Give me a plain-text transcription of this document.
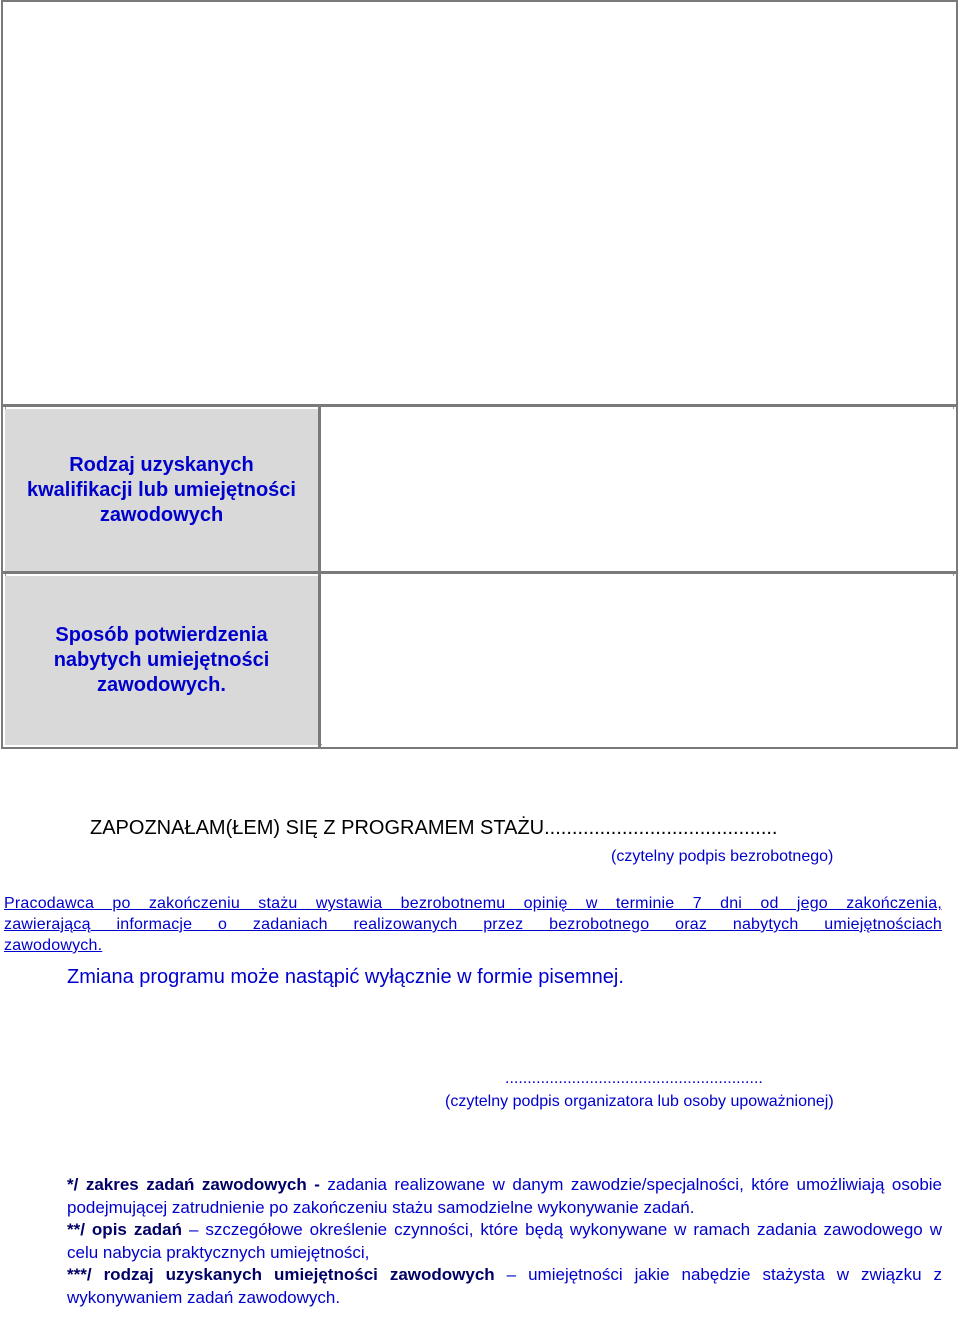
Rodzaj uzyskanych kwalifikacji lub umiejętności zawodowych
Sposób potwierdzenia nabytych umiejętności zawodowych.
ZAPOZNAŁAM(ŁEM) SIĘ Z PROGRAMEM STAŻU..........................................
(czytelny podpis bezrobotnego)
Pracodawca po zakończeniu stażu wystawia bezrobotnemu opinię w terminie 7 dni od jego zakończenia,
zawierającą informacje o zadaniach realizowanych przez bezrobotnego oraz nabytych umiejętnościach
zawodowych.
Zmiana programu może nastąpić wyłącznie w formie pisemnej.
..........................................................
(czytelny podpis organizatora lub osoby upoważnionej)

*/ zakres zadań zawodowych - zadania realizowane w danym zawodzie/specjalności, które umożliwiają osobie podejmującej zatrudnienie po zakończeniu stażu samodzielne wykonywanie zadań.

**/ opis zadań – szczegółowe określenie czynności, które będą wykonywane w ramach zadania zawodowego w celu nabycia praktycznych umiejętności,

***/ rodzaj uzyskanych umiejętności zawodowych – umiejętności jakie nabędzie stażysta w związku z wykonywaniem zadań zawodowych.
